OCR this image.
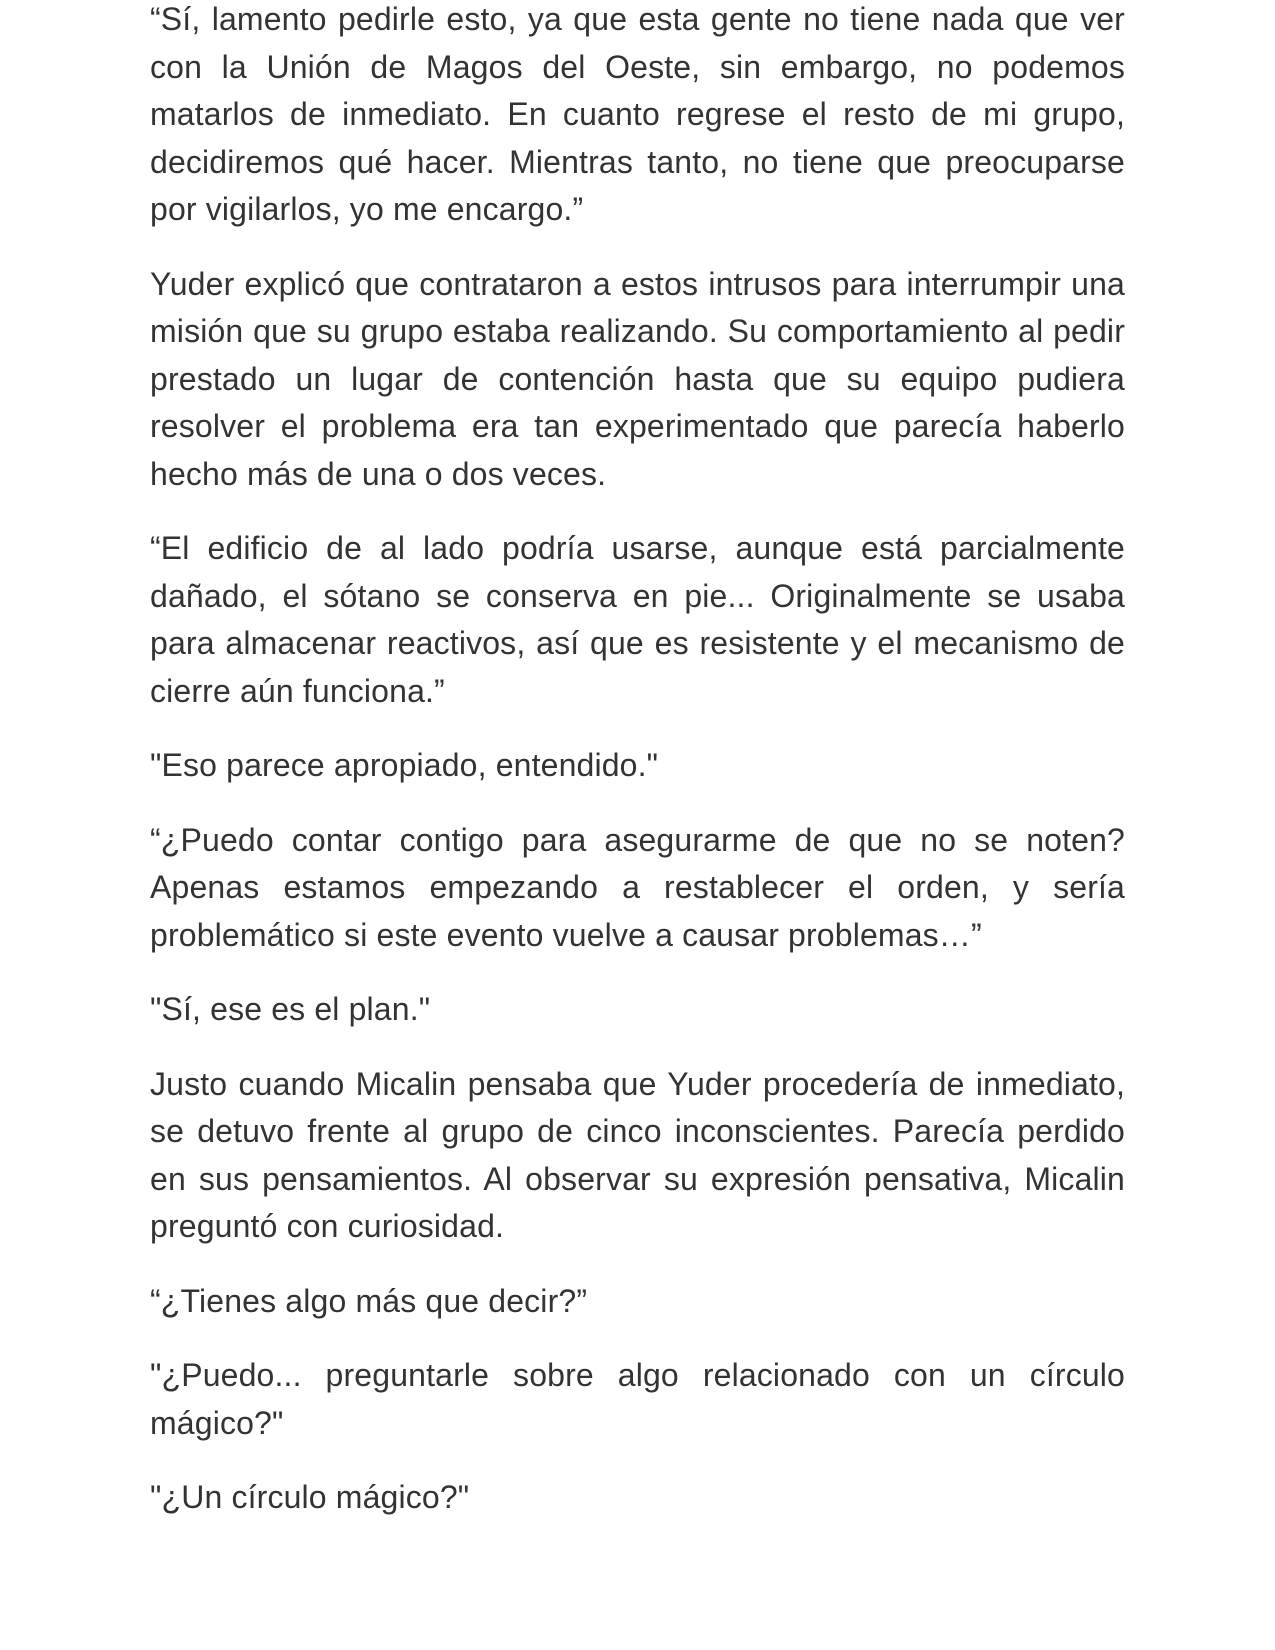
“Sí, lamento pedirle esto, ya que esta gente no tiene nada que ver con la Unión de Magos del Oeste, sin embargo, no podemos matarlos de inmediato. En cuanto regrese el resto de mi grupo, decidiremos qué hacer. Mientras tanto, no tiene que preocuparse por vigilarlos, yo me encargo.”

Yuder explicó que contrataron a estos intrusos para interrumpir una misión que su grupo estaba realizando. Su comportamiento al pedir prestado un lugar de contención hasta que su equipo pudiera resolver el problema era tan experimentado que parecía haberlo hecho más de una o dos veces.

“El edificio de al lado podría usarse, aunque está parcialmente dañado, el sótano se conserva en pie... Originalmente se usaba para almacenar reactivos, así que es resistente y el mecanismo de cierre aún funciona.”

"Eso parece apropiado, entendido."

“¿Puedo contar contigo para asegurarme de que no se noten? Apenas estamos empezando a restablecer el orden, y sería problemático si este evento vuelve a causar problemas…”

"Sí, ese es el plan."

Justo cuando Micalin pensaba que Yuder procedería de inmediato, se detuvo frente al grupo de cinco inconscientes. Parecía perdido en sus pensamientos. Al observar su expresión pensativa, Micalin preguntó con curiosidad.

“¿Tienes algo más que decir?”

"¿Puedo... preguntarle sobre algo relacionado con un círculo mágico?"

"¿Un círculo mágico?"
